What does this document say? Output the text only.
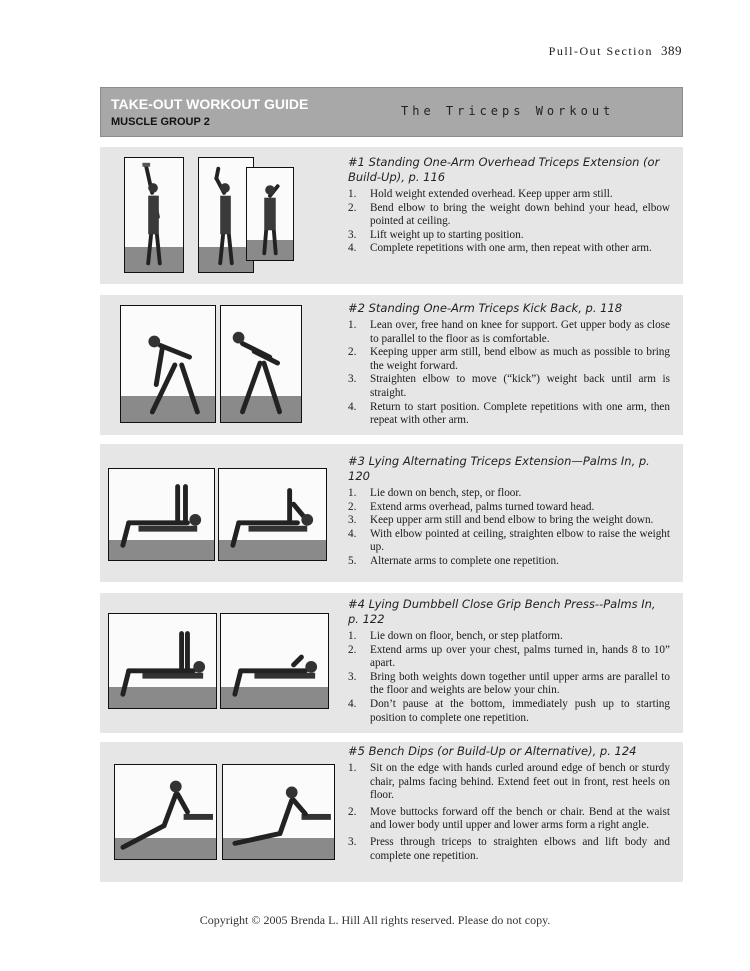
Pull-Out Section 389
TAKE-OUT WORKOUT GUIDE
MUSCLE GROUP 2
The Triceps Workout
#1 Standing One-Arm Overhead Triceps Extension (or Build-Up), p. 116
1. Hold weight extended overhead. Keep upper arm still.
2. Bend elbow to bring the weight down behind your head, elbow pointed at ceiling.
3. Lift weight up to starting position.
4. Complete repetitions with one arm, then repeat with other arm.
#2 Standing One-Arm Triceps Kick Back, p. 118
1. Lean over, free hand on knee for support. Get upper body as close to parallel to the floor as is comfortable.
2. Keeping upper arm still, bend elbow as much as possible to bring the weight forward.
3. Straighten elbow to move (“kick”) weight back until arm is straight.
4. Return to start position. Complete repetitions with one arm, then repeat with other arm.
#3 Lying Alternating Triceps Extension—Palms In, p. 120
1. Lie down on bench, step, or floor.
2. Extend arms overhead, palms turned toward head.
3. Keep upper arm still and bend elbow to bring the weight down.
4. With elbow pointed at ceiling, straighten elbow to raise the weight up.
5. Alternate arms to complete one repetition.
#4 Lying Dumbbell Close Grip Bench Press--Palms In, p. 122
1. Lie down on floor, bench, or step platform.
2. Extend arms up over your chest, palms turned in, hands 8 to 10” apart.
3. Bring both weights down together until upper arms are parallel to the floor and weights are below your chin.
4. Don’t pause at the bottom, immediately push up to starting position to complete one repetition.
#5 Bench Dips (or Build-Up or Alternative), p. 124
1. Sit on the edge with hands curled around edge of bench or sturdy chair, palms facing behind. Extend feet out in front, rest heels on floor.
2. Move buttocks forward off the bench or chair. Bend at the waist and lower body until upper and lower arms form a right angle.
3. Press through triceps to straighten elbows and lift body and complete one repetition.
Copyright © 2005 Brenda L. Hill All rights reserved. Please do not copy.
